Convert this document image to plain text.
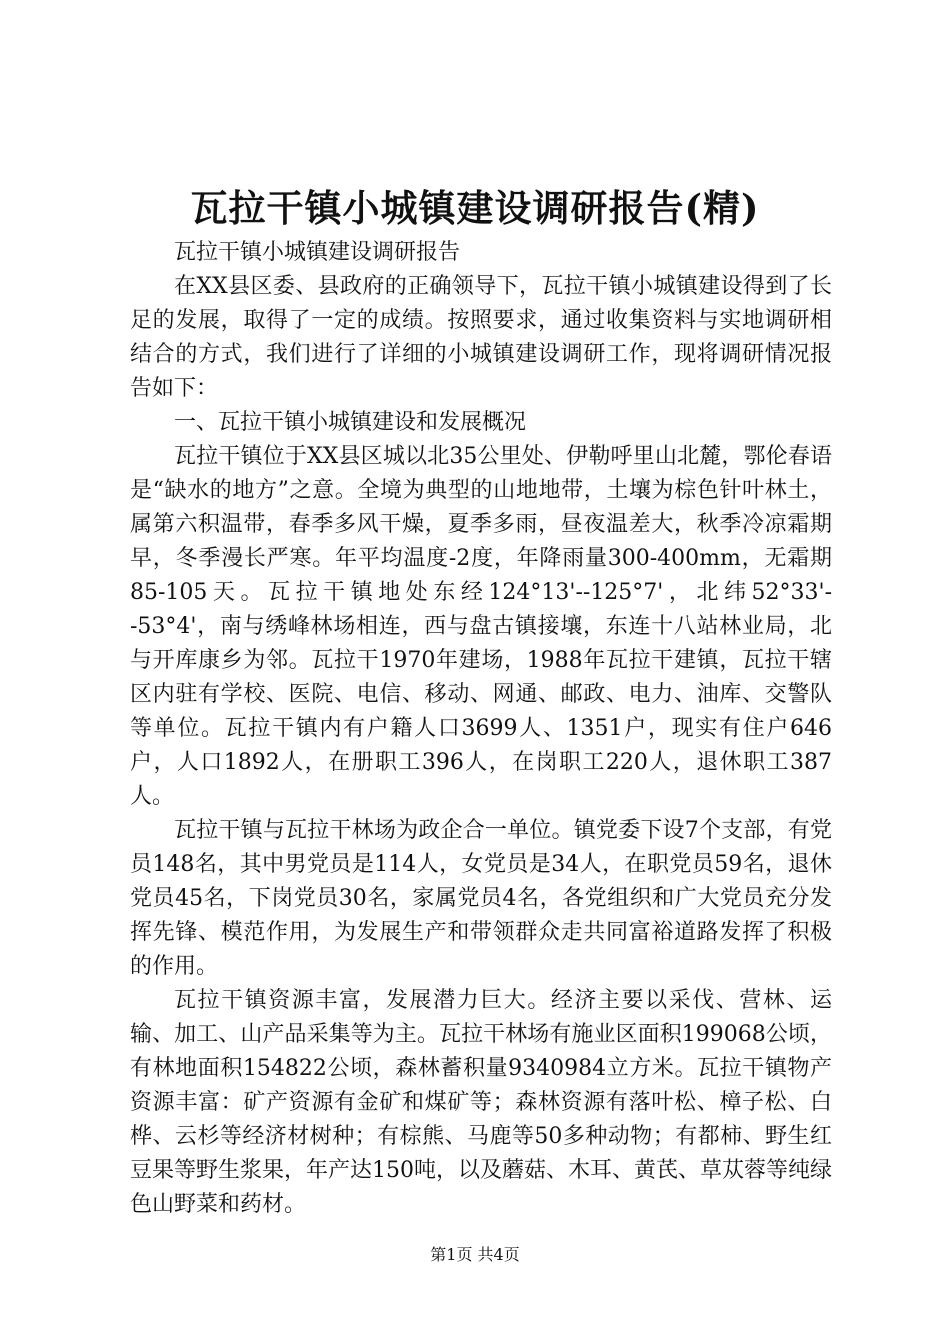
瓦拉干镇小城镇建设调研报告(精)

瓦拉干镇小城镇建设调研报告

在XX县区委、县政府的正确领导下，瓦拉干镇小城镇建设得到了长足的发展，取得了一定的成绩。按照要求，通过收集资料与实地调研相结合的方式，我们进行了详细的小城镇建设调研工作，现将调研情况报告如下：

一、瓦拉干镇小城镇建设和发展概况

瓦拉干镇位于XX县区城以北35公里处、伊勒呼里山北麓，鄂伦春语是“缺水的地方”之意。全境为典型的山地地带，土壤为棕色针叶林土，属第六积温带，春季多风干燥，夏季多雨，昼夜温差大，秋季冷凉霜期早，冬季漫长严寒。年平均温度-2度，年降雨量300-400mm，无霜期85-105天。瓦拉干镇地处东经124°13'--125°7'，北纬52°33'--53°4'，南与绣峰林场相连，西与盘古镇接壤，东连十八站林业局，北与开库康乡为邻。瓦拉干1970年建场，1988年瓦拉干建镇，瓦拉干辖区内驻有学校、医院、电信、移动、网通、邮政、电力、油库、交警队等单位。瓦拉干镇内有户籍人口3699人、1351户，现实有住户646户，人口1892人，在册职工396人，在岗职工220人，退休职工387人。

瓦拉干镇与瓦拉干林场为政企合一单位。镇党委下设7个支部，有党员148名，其中男党员是114人，女党员是34人，在职党员59名，退休党员45名，下岗党员30名，家属党员4名，各党组织和广大党员充分发挥先锋、模范作用，为发展生产和带领群众走共同富裕道路发挥了积极的作用。

瓦拉干镇资源丰富，发展潜力巨大。经济主要以采伐、营林、运输、加工、山产品采集等为主。瓦拉干林场有施业区面积199068公顷，有林地面积154822公顷，森林蓄积量9340984立方米。瓦拉干镇物产资源丰富：矿产资源有金矿和煤矿等；森林资源有落叶松、樟子松、白桦、云杉等经济材树种；有棕熊、马鹿等50多种动物；有都柿、野生红豆果等野生浆果，年产达150吨，以及蘑菇、木耳、黄芪、草苁蓉等纯绿色山野菜和药材。

第1页 共4页
